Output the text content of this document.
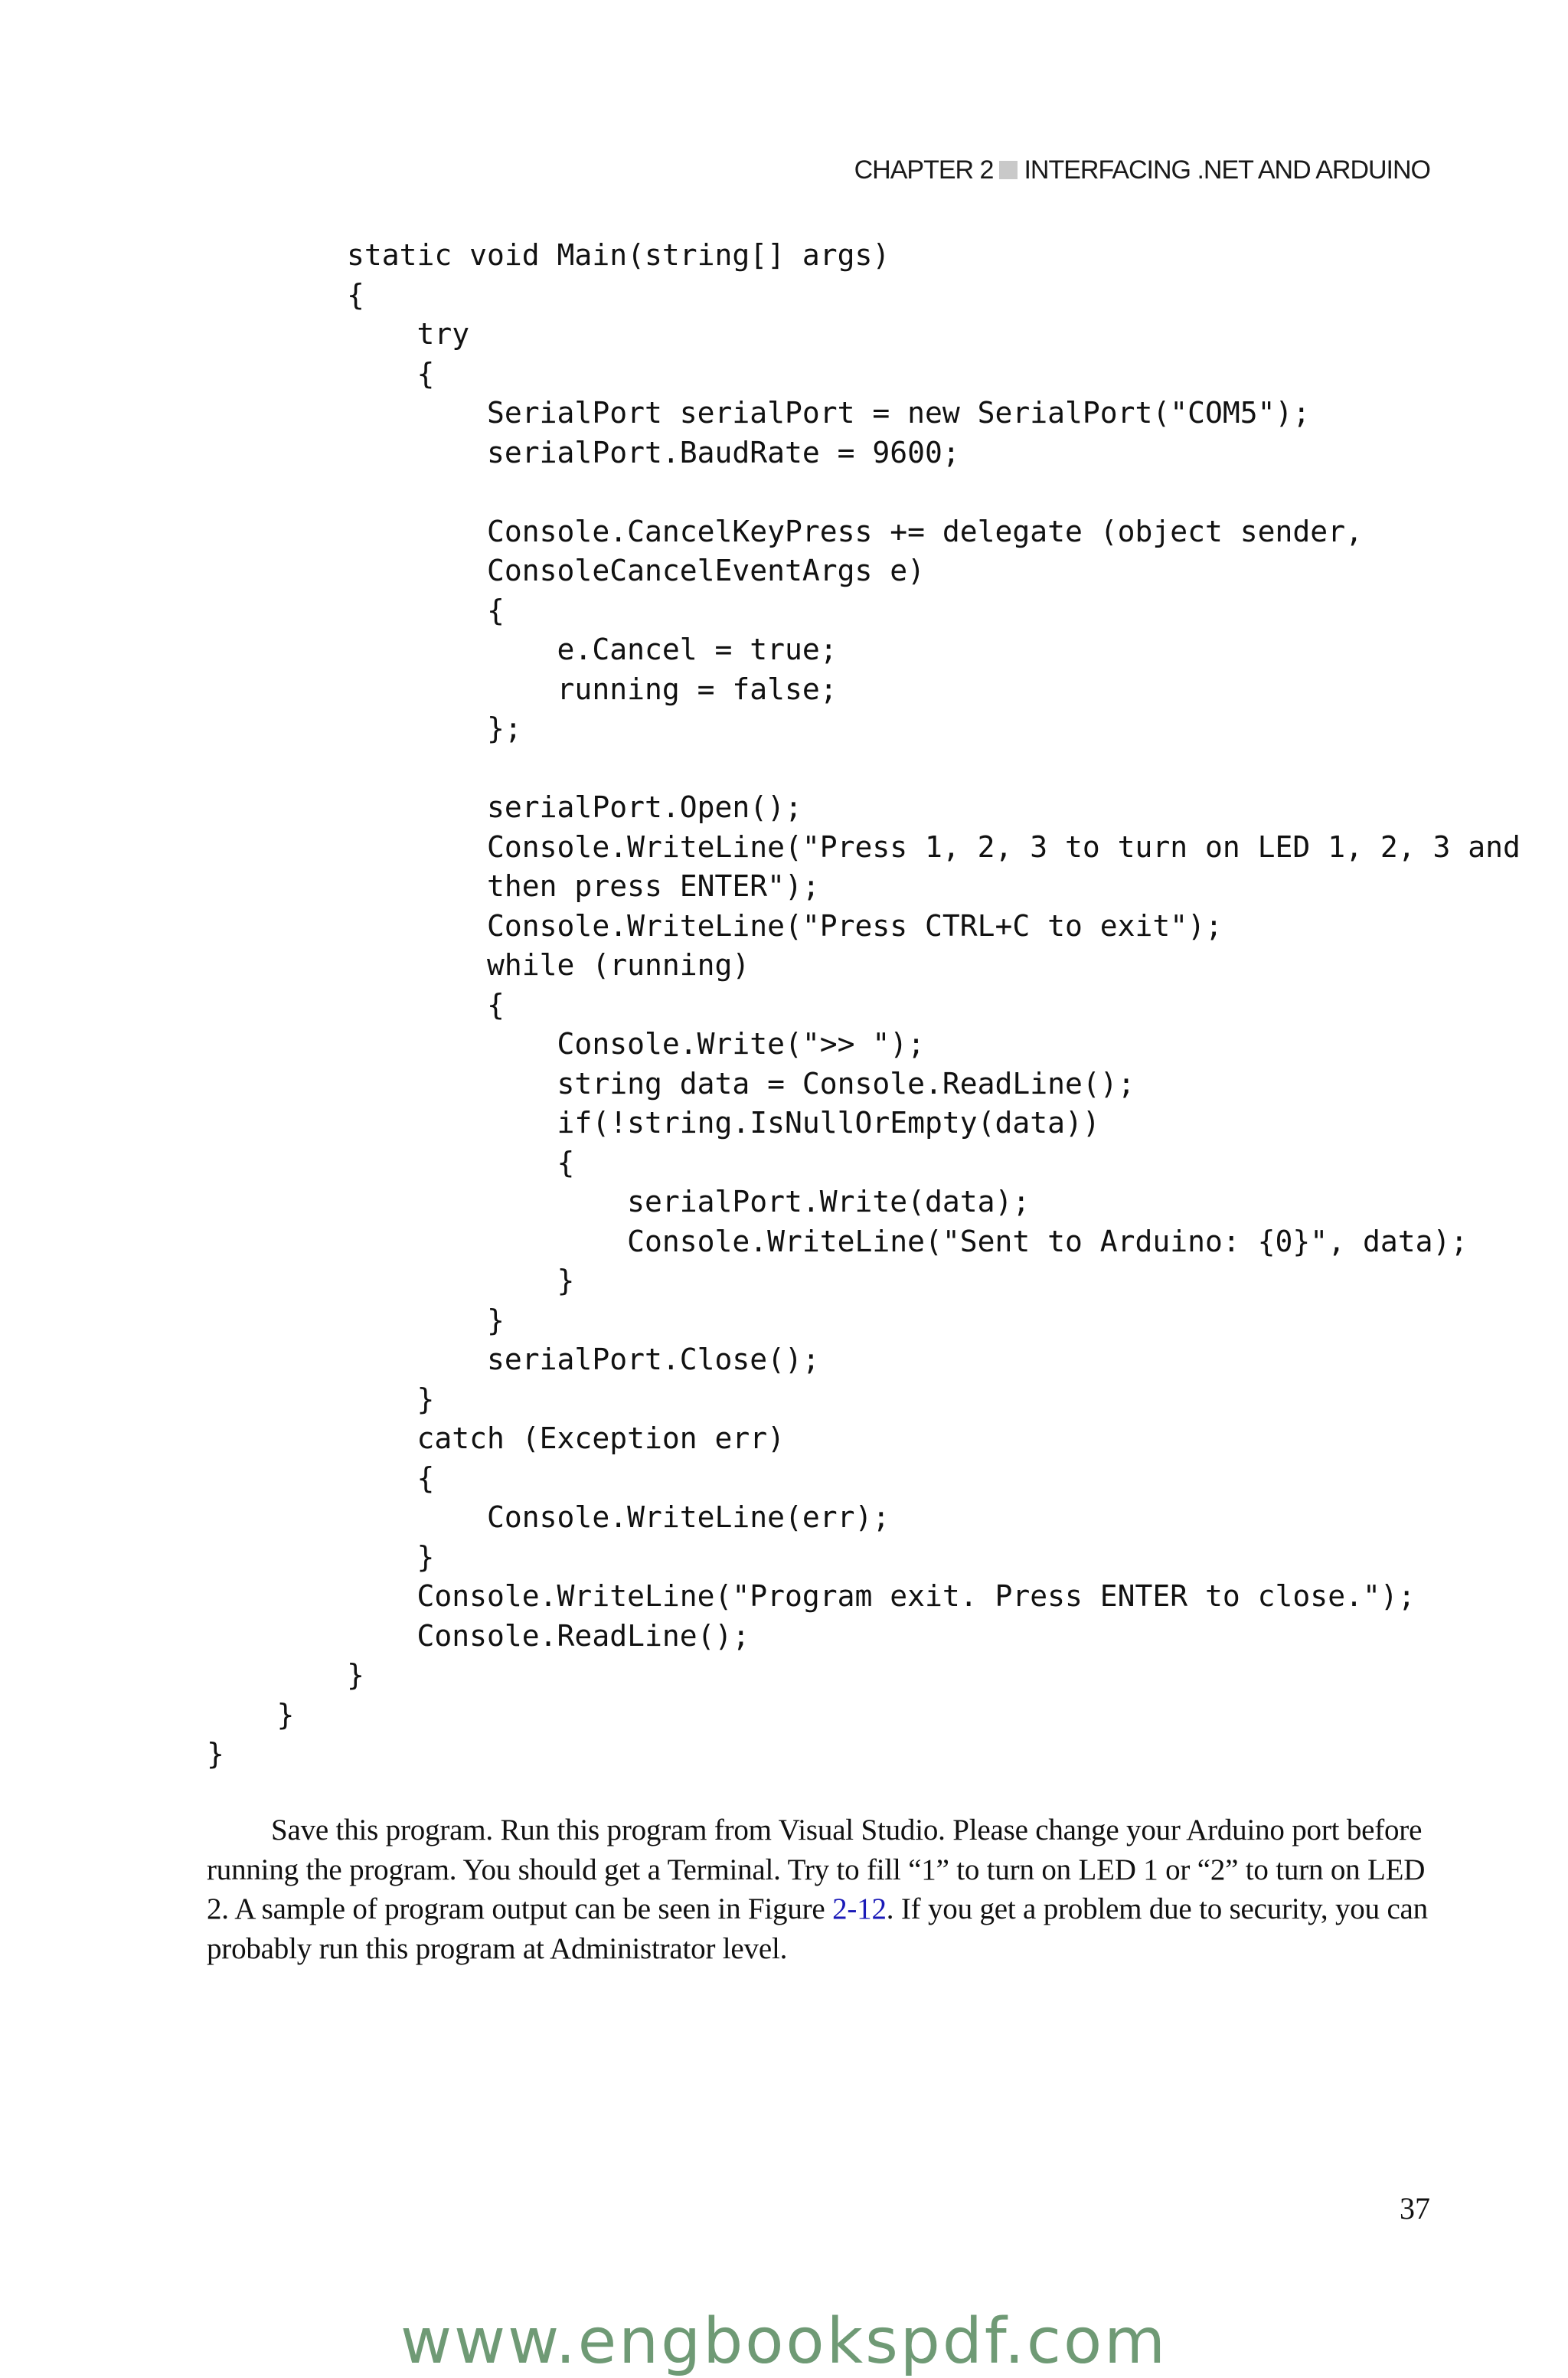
CHAPTER 2 INTERFACING .NET AND ARDUINO
static void Main(string[] args)
{
try
{
SerialPort serialPort = new SerialPort("COM5");
serialPort.BaudRate = 9600;
Console.CancelKeyPress += delegate (object sender,
ConsoleCancelEventArgs e)
{
e.Cancel = true;
running = false;
};
serialPort.Open();
Console.WriteLine("Press 1, 2, 3 to turn on LED 1, 2, 3 and
then press ENTER");
Console.WriteLine("Press CTRL+C to exit");
while (running)
{
Console.Write(">> ");
string data = Console.ReadLine();
if(!string.IsNullOrEmpty(data))
{
serialPort.Write(data);
Console.WriteLine("Sent to Arduino: {0}", data);
}
}
serialPort.Close();
}
catch (Exception err)
{
Console.WriteLine(err);
}
Console.WriteLine("Program exit. Press ENTER to close.");
Console.ReadLine();
}
}
}

Save this program. Run this program from Visual Studio. Please change your Arduino port before running the program. You should get a Terminal. Try to fill “1” to turn on LED 1 or “2” to turn on LED 2. A sample of program output can be seen in Figure 2-12. If you get a problem due to security, you can probably run this program at Administrator level.

37
www.engbookspdf.com
